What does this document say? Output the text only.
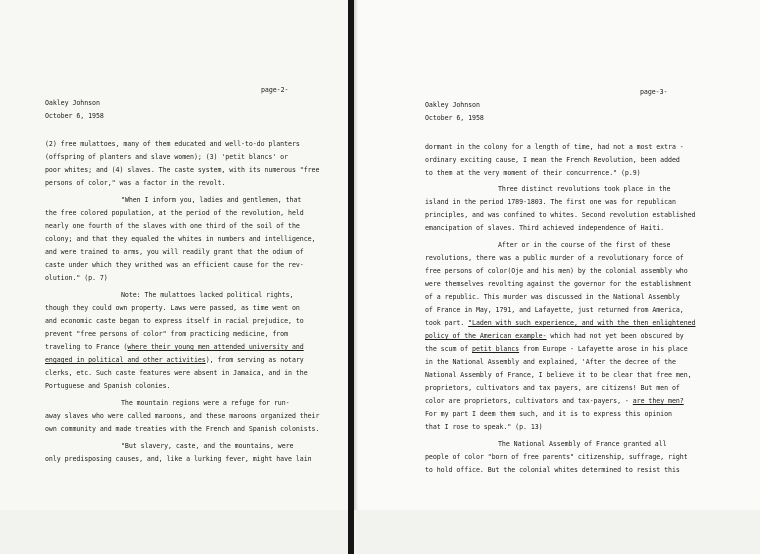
page-2-
Oakley Johnson
October 6, 1958
(2) free mulattoes, many of them educated and well-to-do planters
(offspring of planters and slave women); (3) 'petit blancs' or
poor whites; and (4) slaves. The caste system, with its numerous "free
persons of color," was a factor in the revolt.
"When I inform you, ladies and gentlemen, that
the free colored population, at the period of the revolution, held
nearly one fourth of the slaves with one third of the soil of the
colony; and that they equaled the whites in numbers and intelligence,
and were trained to arms, you will readily grant that the odium of
caste under which they writhed was an efficient cause for the rev-
olution." (p. 7)
Note: The mulattoes lacked political rights,
though they could own property. Laws were passed, as time went on
and economic caste began to express itself in racial prejudice, to
prevent "free persons of color" from practicing medicine, from
traveling to France (where their young men attended university and
engaged in political and other activities), from serving as notary
clerks, etc. Such caste features were absent in Jamaica, and in the
Portuguese and Spanish colonies.
The mountain regions were a refuge for run-
away slaves who were called maroons, and these maroons organized their
own community and made treaties with the French and Spanish colonists.
"But slavery, caste, and the mountains, were
only predisposing causes, and, like a lurking fever, might have lain
page-3-
Oakley Johnson
October 6, 1958
dormant in the colony for a length of time, had not a most extra -
ordinary exciting cause, I mean the French Revolution, been added
to them at the very moment of their concurrence." (p.9)
Three distinct revolutions took place in the
island in the period 1789-1803. The first one was for republican
principles, and was confined to whites. Second revolution established
emancipation of slaves. Third achieved independence of Haiti.
After or in the course of the first of these
revolutions, there was a public murder of a revolutionary force of
free persons of color(Oje and his men) by the colonial assembly who
were themselves revolting against the governor for the establishment
of a republic. This murder was discussed in the National Assembly
of France in May, 1791, and Lafayette, just returned from America,
took part. "Laden with such experience, and with the then enlightened
policy of the American example- which had not yet been obscured by
the scum of petit blancs from Europe - Lafayette arose in his place
in the National Assembly and explained, 'After the decree of the
National Assembly of France, I believe it to be clear that free men,
proprietors, cultivators and tax payers, are citizens! But men of
color are proprietors, cultivators and tax-payers, - are they men?
For my part I deem them such, and it is to express this opinion
that I rose to speak." (p. 13)
The National Assembly of France granted all
people of color "born of free parents" citizenship, suffrage, right
to hold office. But the colonial whites determined to resist this
